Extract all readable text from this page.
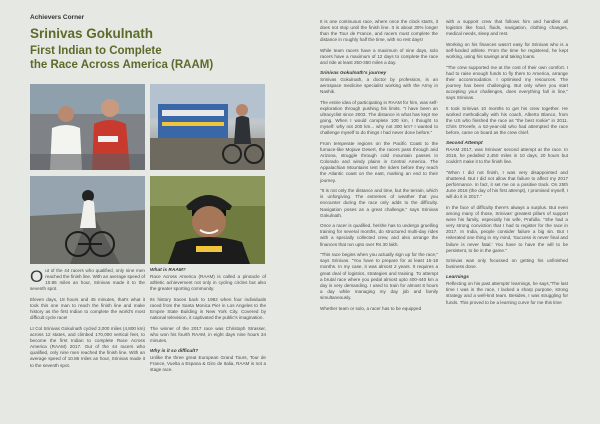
Achievers Corner
Srinivas Gokulnath
First Indian to Complete
the Race Across America (RAAM)

Out of the 44 racers who qualified, only nine men reached the finish line. With an average speed of 10.86 miles an hour, Srinivas made it to the seventh spot.

Eleven days, 18 hours and 45 minutes, that's what it took this one man to reach the finish line and make history as the first Indian to complete the world's most difficult cycle race!

Lt Col Srinivas Gokulnath cycled 3,000 miles (4,800 km) across 12 states, and climbed 170,000 vertical feet, to become the first Indian to complete Race Across America (RAAM) 2017. Out of the 44 racers who qualified, only nine men reached the finish line. With an average speed of 10.86 miles an hour, Srinivas made it to the seventh spot.

What is RAAM?

Race Across America (RAAM) is called a pinnacle of athletic achievement not only in cycling circles but also the greater sporting community.

Its history traces back to 1982 when four individuals raced from the Santa Monica Pier in Los Angeles to the Empire State Building in New York City. Covered by national television, it captivated the public's imagination.

The winner of the 2017 race was Christoph Strasser, who won his fourth RAAM, in eight days nine hours 34 minutes.

Why is it so difficult?

Unlike the three great European Grand Tours, Tour de France, Vuelta a Espana & Giro de Italia, RAAM is not a stage race.

It is one continuous race, where once the clock starts, it does not stop until the finish line. It is about 30% longer than the Tour de France, and racers must complete the distance in roughly half the time, with no rest days!

While team racers have a maximum of nine days, solo racers have a maximum of 12 days to complete the race and ride at least 250-350 miles a day.

Srinivas Gokulnath's journey

Srinivas Gokulnath, a doctor by profession, is an aerospace medicine specialist working with the Army in Nashik.

The entire idea of participating in RAAM for him, was self-exploration through pushing his limits. "I have been an ultracyclist since 2003. The distance is what has kept me going. When I would complete 100 km, I thought to myself: why not 200 km... why not 300 km? I wanted to challenge myself to do things I had never done before."

From temperate regions on the Pacific Coast to the furnace-like Mojave Desert, the racers pass through arid Arizona, struggle through cold mountain passes in Colorado and windy plains in Central America. The Appalachian Mountains test the riders before they reach the Atlantic coast on the east, marking an end to their journey.

"It is not only the distance and time, but the terrain, which is unforgiving. The extremes of weather that you encounter during the race only adds to the difficulty. Navigation poses as a great challenge," says Srinivas Gokulnath.

Once a racer is qualified, he/she has to undergo gruelling training for several months, do structured multi-day rides with a specially collected crew, and also arrange the finances that run upto over Rs 30 lakh.

"This race begins when you actually sign up for the race," says Srinivas. "You have to prepare for at least 15-18 months. In my case, it was almost 2 years. It requires a great deal of logistics, strategies and training. To attempt a brutal race where you pedal almost upto 400-440 km a day is very demanding. I used to train for almost 8 hours a day while managing my day job and family simultaneously.

Whether team or solo, a racer has to be equipped

with a support crew that follows him and handles all logistics like food, fluids, navigation, clothing changes, medical needs, sleep and rest.

Working on his finances wasn't easy for Srinivas who is a self-funded athlete. From the time he registered, he kept working, using his savings and taking loans.

"The crew supported me at the cost of their own comfort. I had to raise enough funds to fly them to America, arrange their accommodation. I optimised my resources. The journey has been challenging. But only when you start accepting your challenges, does everything fall in line," says Srinivas.

It took Srinivas 10 months to get his crew together. He worked methodically with his coach, Alberto Blanco, from the US who finished the race as "the best rookie" in 2011. Chris O'Keefe, a 52-year-old who had attempted the race before, came on board as the crew chief.

Second Attempt

RAAM 2017, was Srinivas' second attempt at the race. In 2016, he pedalled 2,450 miles in 10 days, 20 hours but couldn't make it to the finish line.

"When I did not finish, I was very disappointed and shattered. But I did not allow that failure to affect my 2017 performance. In fact, it set me on a positive track. On 25th June 2016 (the day of his first attempt), I promised myself, I will do it in 2017."

In the face of difficulty there's always a surplus. But even among many of those, Srinivas' greatest pillars of support were his family, especially his wife, Prafulla. "She had a very strong conviction that I had to register for the race in 2017. In India, people consider failure a big sin. But I reiterated one thing in my mind, 'Success is never final and failure is never fatal.' You have to have the will to be persistent, to be in the game."

Srinivas was only focussed on getting his unfinished business done.

Learnings

Reflecting on his past attempts' learnings, he says,"The last time I was in the race, I lacked a sharp purpose, strong strategy and a well-knit team. Besides, I was struggling for funds. This proved to be a learning curve for me this time
